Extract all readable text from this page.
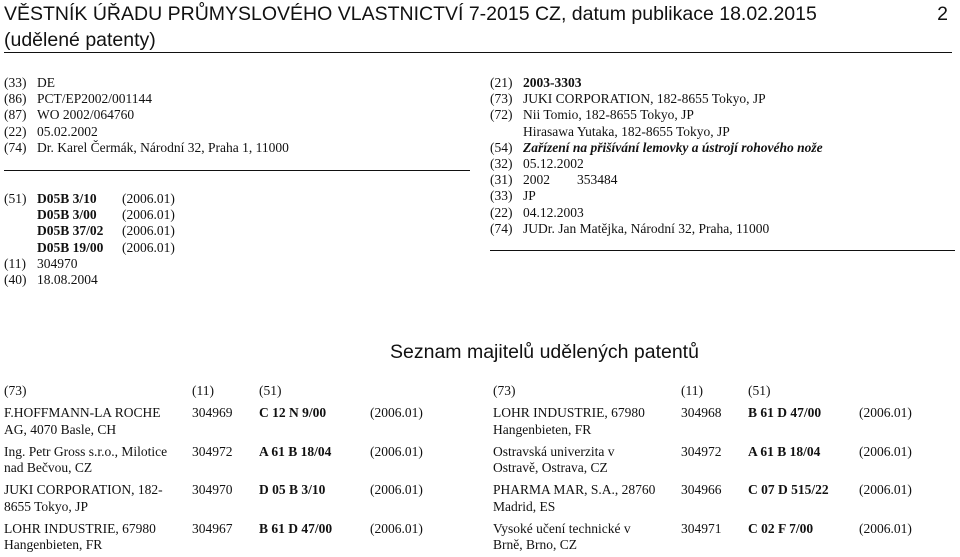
VĚSTNÍK ÚŘADU PRŮMYSLOVÉHO VLASTNICTVÍ 7-2015 CZ, datum publikace 18.02.2015
(udělené patenty)
2
(33) DE
(86) PCT/EP2002/001144
(87) WO 2002/064760
(22) 05.02.2002
(74) Dr. Karel Čermák, Národní 32, Praha 1, 11000
(51) D05B 3/10 (2006.01)
D05B 3/00 (2006.01)
D05B 37/02 (2006.01)
D05B 19/00 (2006.01)
(11) 304970
(40) 18.08.2004
(21) 2003-3303
(73) JUKI CORPORATION, 182-8655 Tokyo, JP
(72) Nii Tomio, 182-8655 Tokyo, JP
Hirasawa Yutaka, 182-8655 Tokyo, JP
(54) Zařízení na přišívání lemovky a ústrojí rohového nože
(32) 05.12.2002
(31) 2002        353484
(33) JP
(22) 04.12.2003
(74) JUDr. Jan Matějka, Národní 32, Praha, 11000
Seznam majitelů udělených patentů
(73)	(11)	(51)
F.HOFFMANN-LA ROCHE AG, 4070 Basle, CH
304969 C 12 N 9/00	(2006.01)
Ing. Petr Gross s.r.o., Milotice nad Bečvou, CZ
304972 A 61 B 18/04	(2006.01)
JUKI CORPORATION, 182-8655 Tokyo, JP
304970 D 05 B 3/10	(2006.01)
LOHR INDUSTRIE, 67980 Hangenbieten, FR
304967 B 61 D 47/00	(2006.01)
(73)	(11)	(51)
LOHR INDUSTRIE, 67980 Hangenbieten, FR
304968 B 61 D 47/00	(2006.01)
Ostravská univerzita v Ostravě, Ostrava, CZ
304972 A 61 B 18/04	(2006.01)
PHARMA MAR, S.A., 28760 Madrid, ES
304966 C 07 D 515/22 (2006.01)
Vysoké učení technické v Brně, Brno, CZ
304971 C 02 F 7/00	(2006.01)
